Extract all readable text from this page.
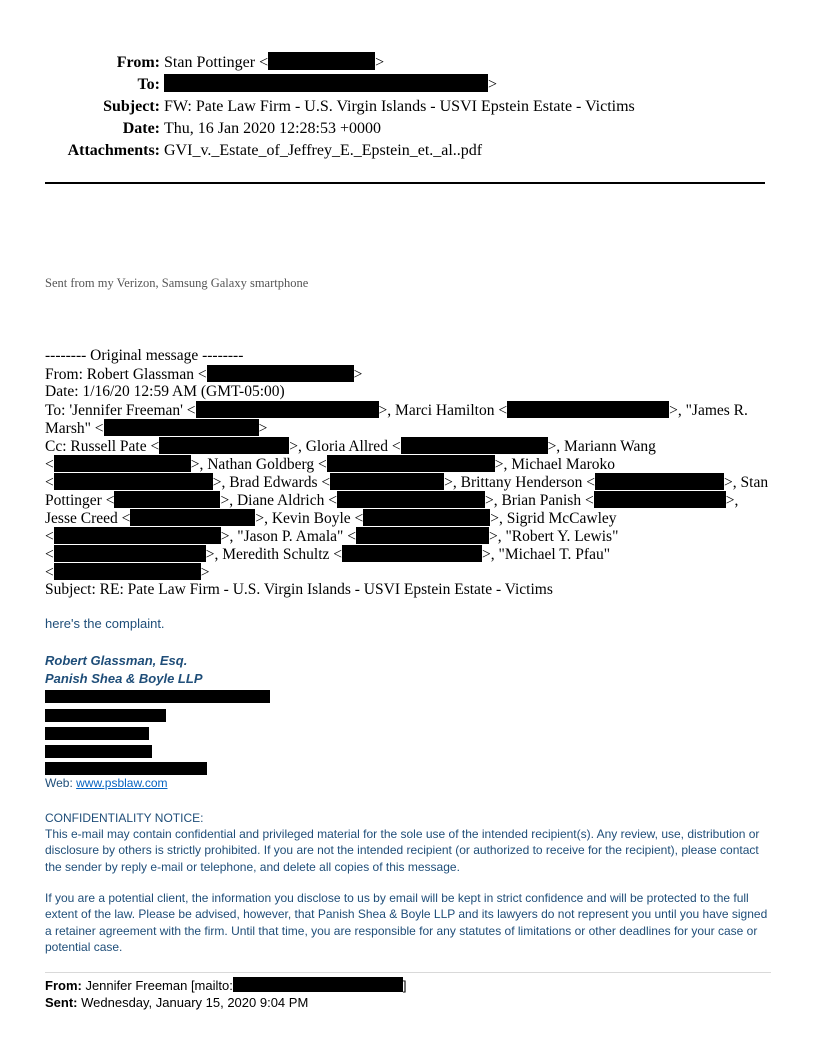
From: Stan Pottinger <	>
To:	>
Subject: FW: Pate Law Firm - U.S. Virgin Islands - USVI Epstein Estate - Victims
Date: Thu, 16 Jan 2020 12:28:53 +0000
Attachments: GVI_v._Estate_of_Jeffrey_E._Epstein_et._al..pdf
Sent from my Verizon, Samsung Galaxy smartphone
-------- Original message --------
From: Robert Glassman <	>
Date: 1/16/20 12:59 AM (GMT-05:00)
To: 'Jennifer Freeman' <	>, Marci Hamilton <	>, "James R.
Marsh" <	>
Cc: Russell Pate <	>, Gloria Allred <	>, Mariann Wang
<	>, Nathan Goldberg <	>, Michael Maroko
<	>, Brad Edwards <	>, Brittany Henderson <	>, Stan
Pottinger <	>, Diane Aldrich <	>, Brian Panish <	>,
Jesse Creed <	>, Kevin Boyle <	>, Sigrid McCawley
<	>, "Jason P. Amala" <	>, "Robert Y. Lewis"
<	>, Meredith Schultz <	>, "Michael T. Pfau"
<	>
Subject: RE: Pate Law Firm - U.S. Virgin Islands - USVI Epstein Estate - Victims
here's the complaint.
Robert Glassman, Esq.
Panish Shea & Boyle LLP
Web: www.psblaw.com
CONFIDENTIALITY NOTICE:
This e-mail may contain confidential and privileged material for the sole use of the intended recipient(s). Any review, use, distribution or disclosure by others is strictly prohibited. If you are not the intended recipient (or authorized to receive for the recipient), please contact the sender by reply e-mail or telephone, and delete all copies of this message.
If you are a potential client, the information you disclose to us by email will be kept in strict confidence and will be protected to the full extent of the law. Please be advised, however, that Panish Shea & Boyle LLP and its lawyers do not represent you until you have signed a retainer agreement with the firm. Until that time, you are responsible for any statutes of limitations or other deadlines for your case or potential case.
From: Jennifer Freeman [mailto:	]
Sent: Wednesday, January 15, 2020 9:04 PM
